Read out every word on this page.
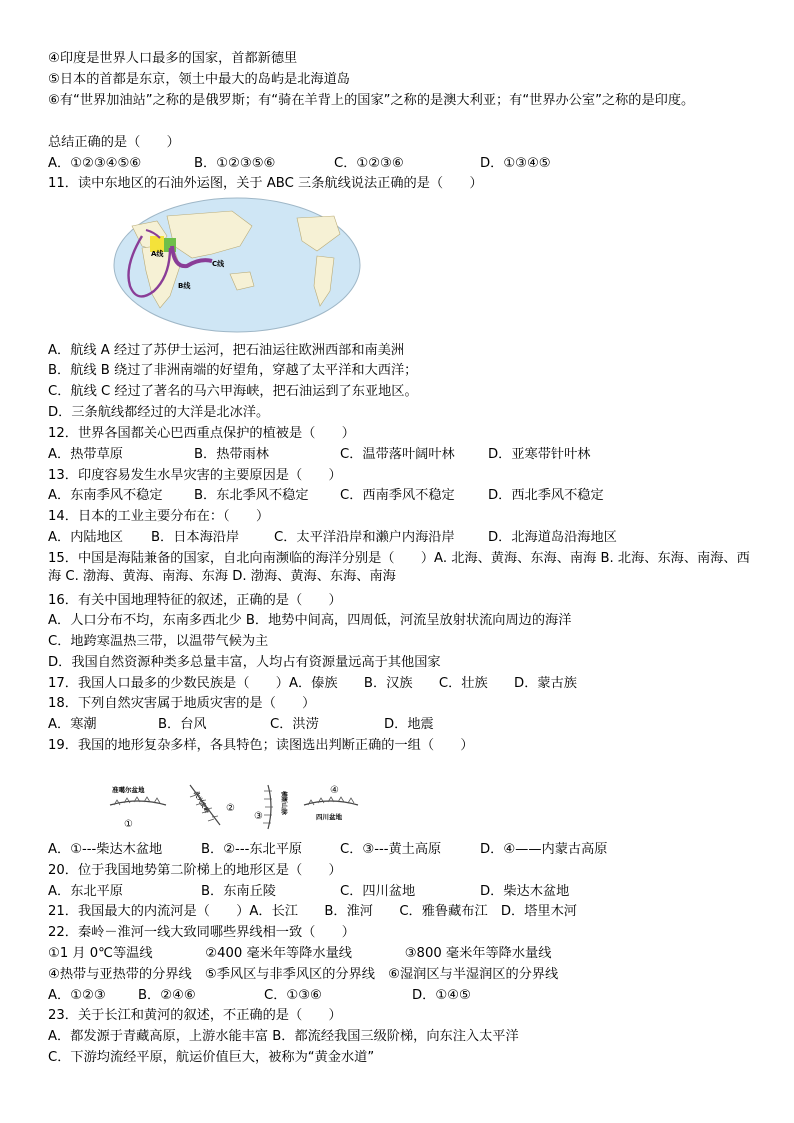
④印度是世界人口最多的国家，首都新德里
⑤日本的首都是东京，领土中最大的岛屿是北海道岛
⑥有“世界加油站”之称的是俄罗斯；有“骑在羊背上的国家”之称的是澳大利亚；有“世界办公室”之称的是印度。
总结正确的是（　　）
A．①②③④⑤⑥	B．①②③⑤⑥	C．①②③⑥	D．①③④⑤
11．读中东地区的石油外运图，关于 ABC 三条航线说法正确的是（　　）
A线
B线
C线
A．航线 A 经过了苏伊士运河，把石油运往欧洲西部和南美洲
B．航线 B 绕过了非洲南端的好望角，穿越了太平洋和大西洋；
C．航线 C 经过了著名的马六甲海峡，把石油运到了东亚地区。
D．三条航线都经过的大洋是北冰洋。
12．世界各国都关心巴西重点保护的植被是（　　）
A．热带草原	B．热带雨林	C．温带落叶阔叶林	D．亚寒带针叶林
13．印度容易发生水旱灾害的主要原因是（　　）
A．东南季风不稳定 B．东北季风不稳定 C．西南季风不稳定	D．西北季风不稳定
14．日本的工业主要分布在：（　　）
A．内陆地区 B．日本海沿岸	C．太平洋沿岸和濑户内海沿岸	D．北海道岛沿海地区
15．中国是海陆兼备的国家，自北向南濒临的海洋分别是（　　）A. 北海、黄海、东海、南海 B. 北海、东海、南海、西海 C. 渤海、黄海、南海、东海 D. 渤海、黄海、东海、南海
16．有关中国地理特征的叙述，正确的是（　　）
A．人口分布不均，东南多西北少 B．地势中间高，四周低，河流呈放射状流向周边的海洋
C．地跨寒温热三带，以温带气候为主
D．我国自然资源种类多总量丰富，人均占有资源量远高于其他国家
17．我国人口最多的少数民族是（　　）A．傣族　　B．汉族　　C．壮族　　D．蒙古族
18．下列自然灾害属于地质灾害的是（　　）
A．寒潮	B．台风	C．洪涝	D．地震
19．我国的地形复杂多样，各具特色；读图选出判断正确的一组（　　）
准噶尔盆地
①
大兴安岭 ②
③
横断山脉
④
四川盆地
A．①---柴达木盆地	B．②---东北平原	C．③---黄土高原	D．④——内蒙古高原
20．位于我国地势第二阶梯上的地形区是（　　）
A．东北平原	B．东南丘陵	C．四川盆地	D．柴达木盆地
21．我国最大的内流河是（　　）A．长江　　B．淮河　　C．雅鲁藏布江　D．塔里木河
22．秦岭－淮河一线大致同哪些界线相一致（　　）
①1 月 0℃等温线　　　　②400 毫米年等降水量线　　　　③800 毫米年等降水量线
④热带与亚热带的分界线　⑤季风区与非季风区的分界线　⑥湿润区与半湿润区的分界线
A．①②③ B．②④⑥	C．①③⑥	D．①④⑤
23．关于长江和黄河的叙述，不正确的是（　　）
A．都发源于青藏高原，上游水能丰富 B．都流经我国三级阶梯，向东注入太平洋
C．下游均流经平原，航运价值巨大，被称为“黄金水道”
